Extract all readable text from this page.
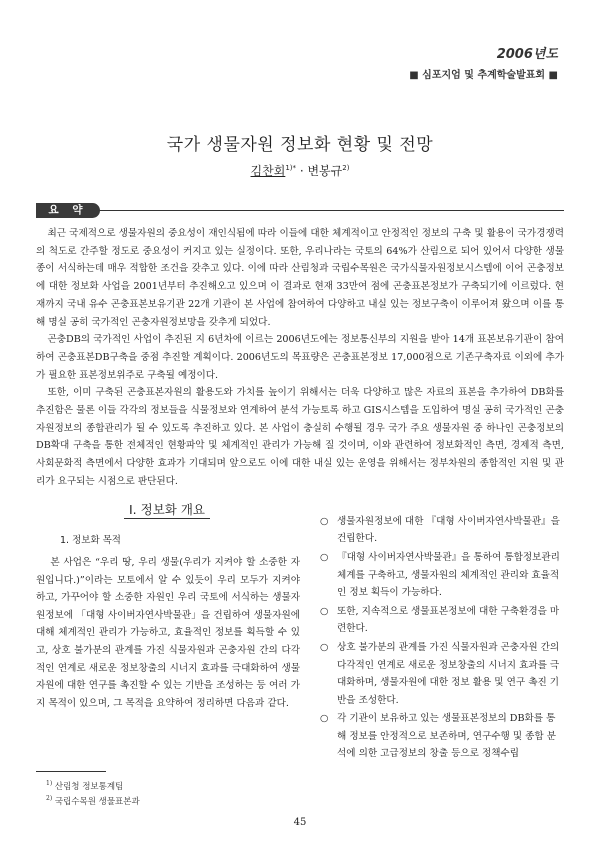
2006년도
■ 심포지엄 및 추계학술발표회 ■
국가 생물자원 정보화 현황 및 전망
김찬회$^{1)*}$ · 변봉규$^{2)}$
요 약

최근 국제적으로 생물자원의 중요성이 재인식됨에 따라 이들에 대한 체계적이고 안정적인 정보의 구축 및 활용이 국가경쟁력의 척도로 간주할 정도로 중요성이 커지고 있는 실정이다. 또한, 우리나라는 국토의 64%가 산림으로 되어 있어서 다양한 생물종이 서식하는데 매우 적합한 조건을 갖추고 있다. 이에 따라 산림청과 국립수목원은 국가식물자원정보시스템에 이어 곤충정보에 대한 정보화 사업을 2001년부터 추진해오고 있으며 이 결과로 현재 33만여 점에 곤충표본정보가 구축되기에 이르렀다. 현재까지 국내 유수 곤충표본보유기관 22개 기관이 본 사업에 참여하여 다양하고 내실 있는 정보구축이 이루어져 왔으며 이를 통해 명실 공히 국가적인 곤충자원정보망을 갖추게 되었다.

곤충DB의 국가적인 사업이 추진된 지 6년차에 이르는 2006년도에는 정보통신부의 지원을 받아 14개 표본보유기관이 참여하여 곤충표본DB구축을 중점 추진할 계획이다. 2006년도의 목표량은 곤충표본정보 17,000점으로 기존구축자료 이외에 추가가 필요한 표본정보위주로 구축될 예정이다.

또한, 이미 구축된 곤충표본자원의 활용도와 가치를 높이기 위해서는 더욱 다양하고 많은 자료의 표본을 추가하여 DB화를 추진함은 물론 이들 각각의 정보들을 식물정보와 연계하여 분석 가능토록 하고 GIS시스템을 도입하여 명실 공히 국가적인 곤충자원정보의 종합관리가 될 수 있도록 추진하고 있다. 본 사업이 충실히 수행될 경우 국가 주요 생물자원 중 하나인 곤충정보의 DB확대 구축을 통한 전체적인 현황파악 및 체계적인 관리가 가능해 질 것이며, 이와 관련하여 정보화적인 측면, 경제적 측면, 사회문화적 측면에서 다양한 효과가 기대되며 앞으로도 이에 대한 내실 있는 운영을 위해서는 정부차원의 종합적인 지원 및 관리가 요구되는 시점으로 판단된다.

Ⅰ. 정보화 개요
1. 정보화 목적

본 사업은 “우리 땅, 우리 생물(우리가 지켜야 할 소중한 자원입니다.)”이라는 모토에서 알 수 있듯이 우리 모두가 지켜야 하고, 가꾸어야 할 소중한 자원인 우리 국토에 서식하는 생물자원정보에 「대형 사이버자연사박물관」을 건립하여 생물자원에 대해 체계적인 관리가 가능하고, 효율적인 정보를 획득할 수 있고, 상호 불가분의 관계를 가진 식물자원과 곤충자원 간의 다각적인 연계로 새로운 정보창출의 시너지 효과를 극대화하여 생물자원에 대한 연구를 촉진할 수 있는 기반을 조성하는 등 여러 가지 목적이 있으며, 그 목적을 요약하여 정리하면 다음과 같다.

○ 생물자원정보에 대한 『대형 사이버자연사박물관』을 건립한다.
○ 『대형 사이버자연사박물관』을 통하여 통합정보관리체계를 구축하고, 생물자원의 체계적인 관리와 효율적인 정보 획득이 가능하다.
○ 또한, 지속적으로 생물표본정보에 대한 구축환경을 마련한다.
○ 상호 불가분의 관계를 가진 식물자원과 곤충자원 간의 다각적인 연계로 새로운 정보창출의 시너지 효과를 극대화하며, 생물자원에 대한 정보 활용 및 연구 촉진 기반을 조성한다.
○ 각 기관이 보유하고 있는 생물표본정보의 DB화를 통해 정보를 안정적으로 보존하며, 연구수행 및 종합 분석에 의한 고급정보의 창출 등으로 정책수립
$^{1)}$ 산림청 정보통계팀
$^{2)}$ 국립수목원 생물표본과
45
